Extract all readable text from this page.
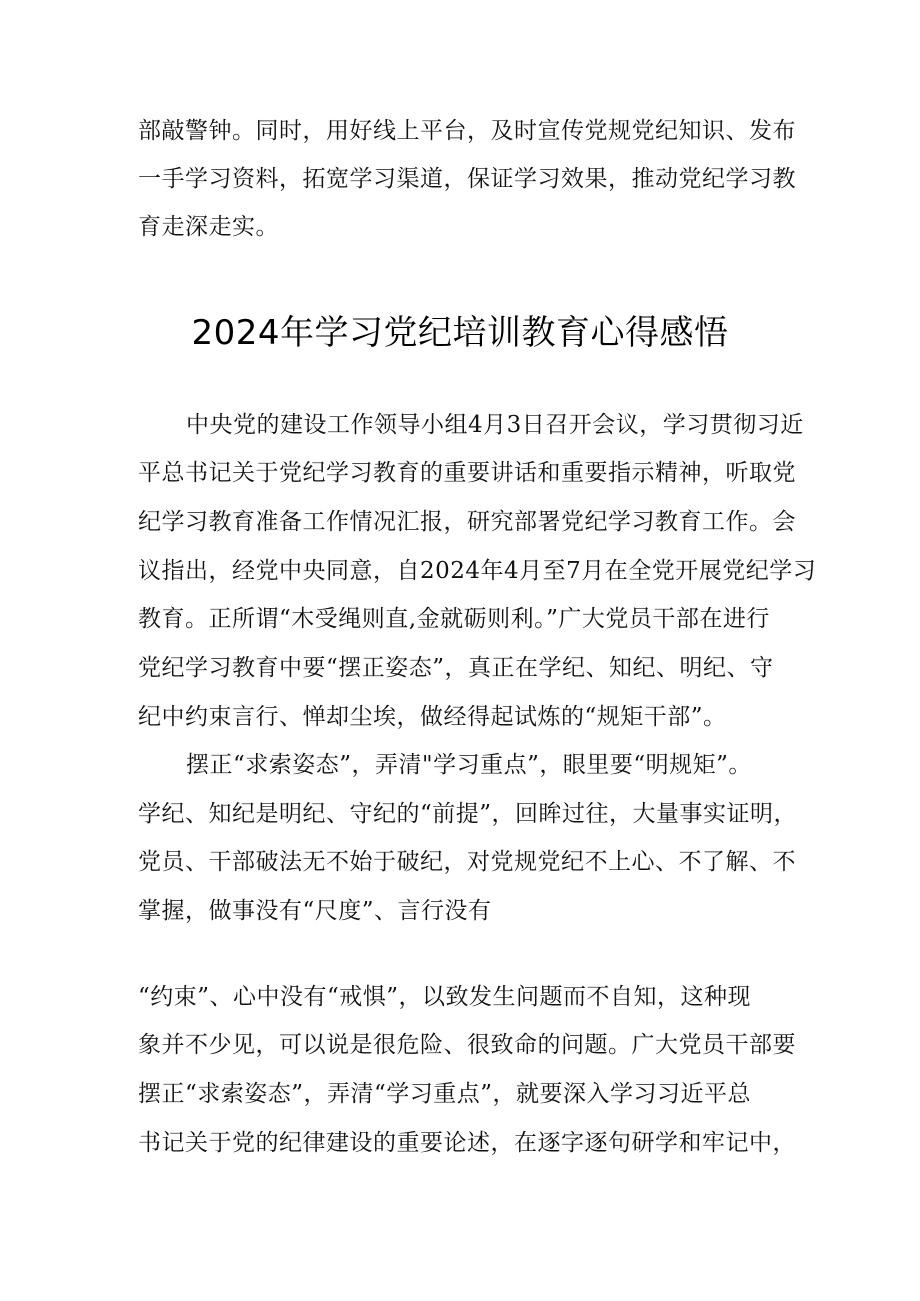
部敲警钟。同时，用好线上平台，及时宣传党规党纪知识、发布
一手学习资料，拓宽学习渠道，保证学习效果，推动党纪学习教
育走深走实。
2024年学习党纪培训教育心得感悟
中央党的建设工作领导小组4月3日召开会议，学习贯彻习近
平总书记关于党纪学习教育的重要讲话和重要指示精神，听取党
纪学习教育准备工作情况汇报，研究部署党纪学习教育工作。会
议指出，经党中央同意，自2024年4月至7月在全党开展党纪学习
教育。正所谓“木受绳则直,金就砺则利。”广大党员干部在进行
党纪学习教育中要“摆正姿态”，真正在学纪、知纪、明纪、守
纪中约束言行、惮却尘埃，做经得起试炼的“规矩干部”。
摆正“求索姿态”，弄清"学习重点”，眼里要“明规矩”。
学纪、知纪是明纪、守纪的“前提”，回眸过往，大量事实证明，
党员、干部破法无不始于破纪，对党规党纪不上心、不了解、不
掌握，做事没有“尺度”、言行没有
“约束”、心中没有“戒惧”，以致发生问题而不自知，这种现
象并不少见，可以说是很危险、很致命的问题。广大党员干部要
摆正“求索姿态”，弄清“学习重点”，就要深入学习习近平总
书记关于党的纪律建设的重要论述，在逐字逐句研学和牢记中，
